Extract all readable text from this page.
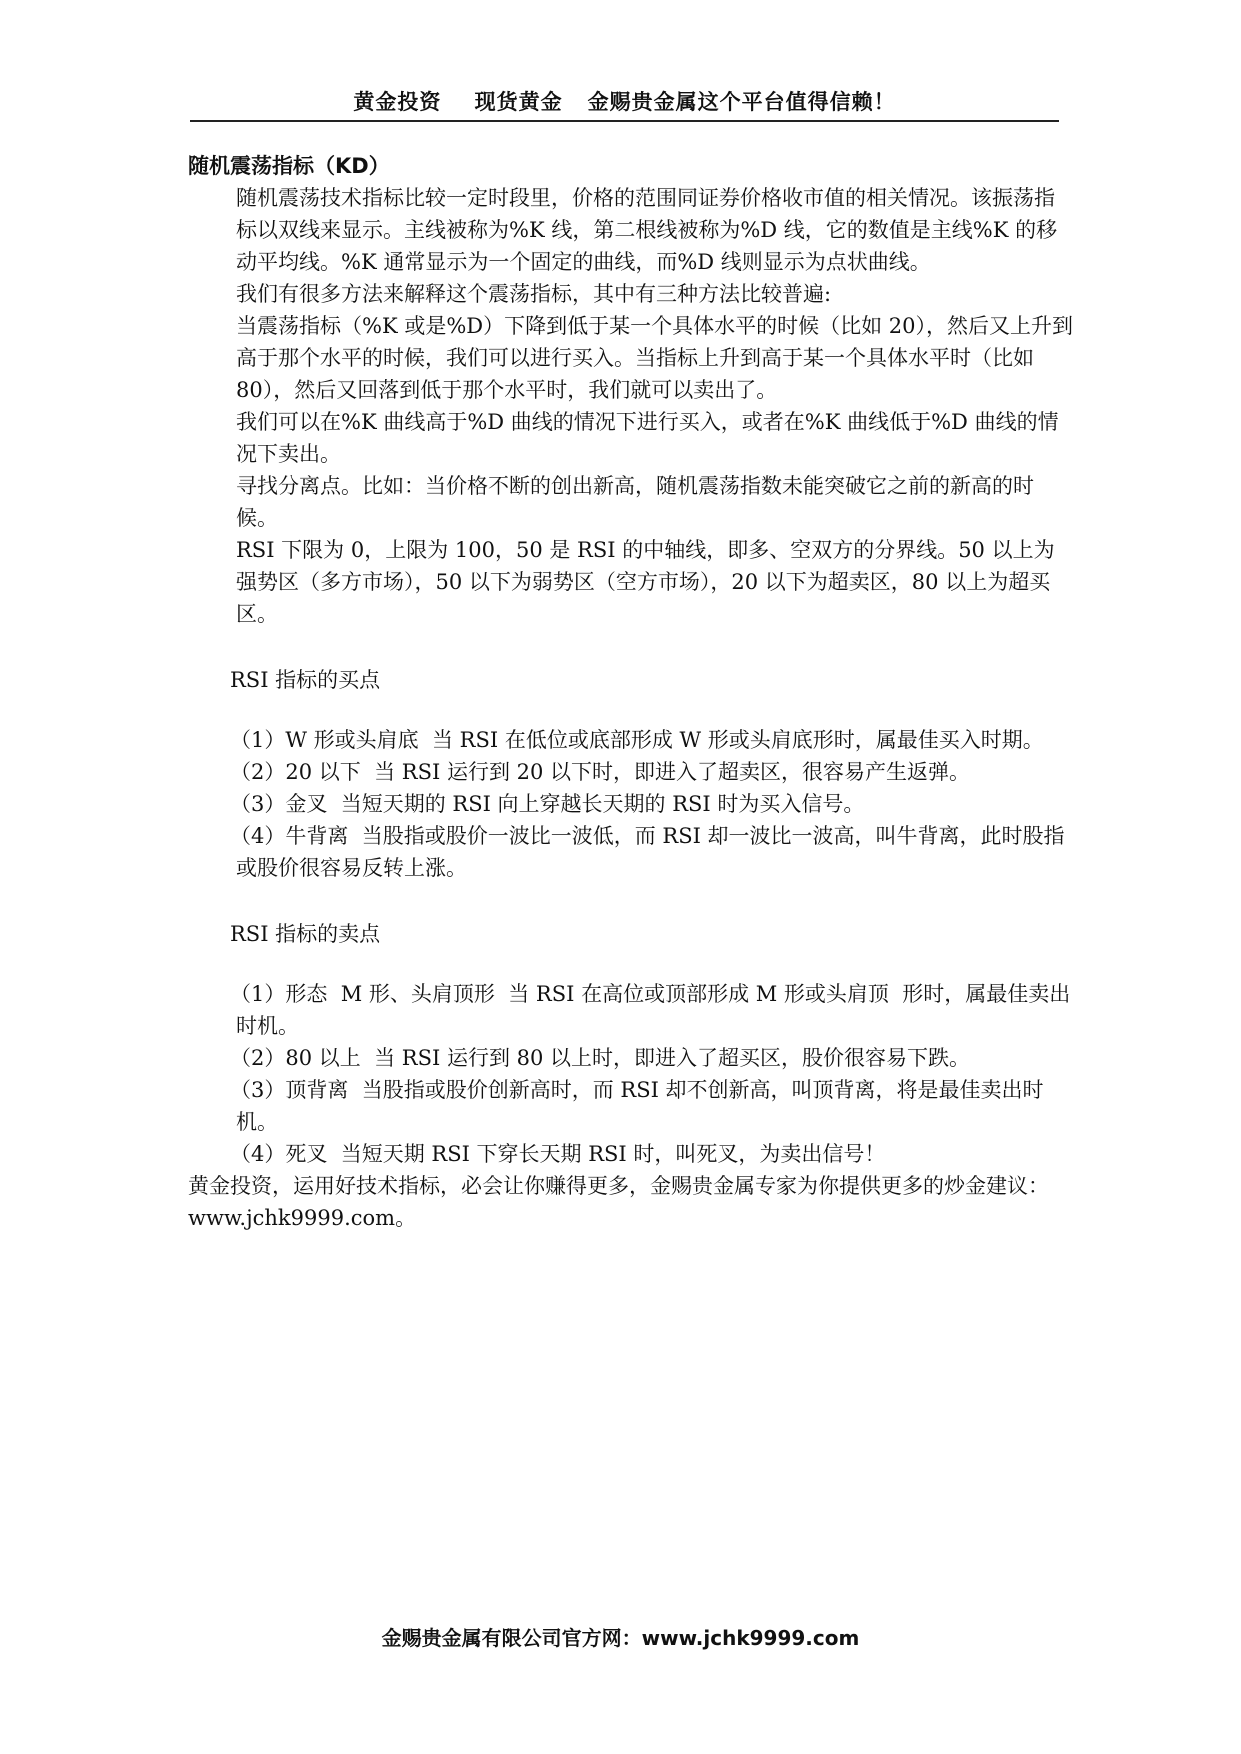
黄金投资    现货黄金   金赐贵金属这个平台值得信赖！

随机震荡指标（KD）

随机震荡技术指标比较一定时段里，价格的范围同证券价格收市值的相关情况。该振荡指标以双线来显示。主线被称为%K 线，第二根线被称为%D 线，它的数值是主线%K 的移动平均线。%K 通常显示为一个固定的曲线，而%D 线则显示为点状曲线。

我们有很多方法来解释这个震荡指标，其中有三种方法比较普遍:

当震荡指标（%K 或是%D）下降到低于某一个具体水平的时候（比如 20），然后又上升到高于那个水平的时候，我们可以进行买入。当指标上升到高于某一个具体水平时（比如 80），然后又回落到低于那个水平时，我们就可以卖出了。

我们可以在%K 曲线高于%D 曲线的情况下进行买入，或者在%K 曲线低于%D 曲线的情况下卖出。

寻找分离点。比如：当价格不断的创出新高，随机震荡指数未能突破它之前的新高的时候。

RSI 下限为 0，上限为 100，50 是 RSI 的中轴线，即多、空双方的分界线。50 以上为强势区（多方市场），50 以下为弱势区（空方市场），20 以下为超卖区，80 以上为超买区。

RSI 指标的买点

（1）W 形或头肩底  当 RSI 在低位或底部形成 W 形或头肩底形时，属最佳买入时期。

（2）20 以下  当 RSI 运行到 20 以下时，即进入了超卖区，很容易产生返弹。

（3）金叉  当短天期的 RSI 向上穿越长天期的 RSI 时为买入信号。

（4）牛背离  当股指或股价一波比一波低，而 RSI 却一波比一波高，叫牛背离，此时股指或股价很容易反转上涨。

RSI 指标的卖点

（1）形态  M 形、头肩顶形  当 RSI 在高位或顶部形成 M 形或头肩顶  形时，属最佳卖出时机。

（2）80 以上  当 RSI 运行到 80 以上时，即进入了超买区，股价很容易下跌。

（3）顶背离  当股指或股价创新高时，而 RSI 却不创新高，叫顶背离，将是最佳卖出时机。

（4）死叉  当短天期 RSI 下穿长天期 RSI 时，叫死叉，为卖出信号！

黄金投资，运用好技术指标，必会让你赚得更多，金赐贵金属专家为你提供更多的炒金建议：www.jchk9999.com。

金赐贵金属有限公司官方网：www.jchk9999.com
